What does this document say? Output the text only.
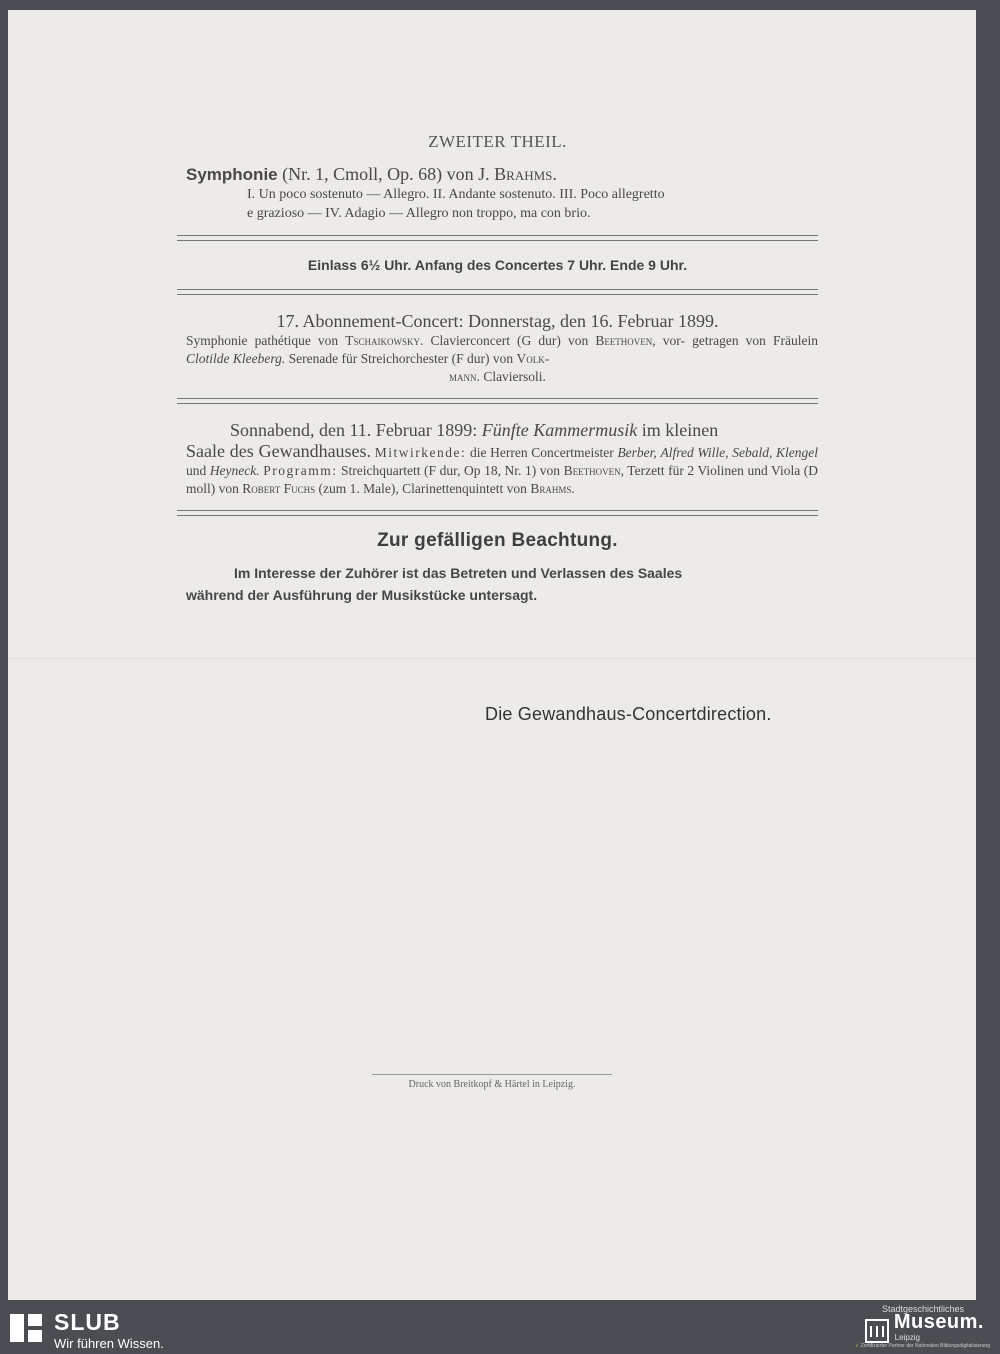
ZWEITER THEIL.
Symphonie (Nr. 1, Cmoll, Op. 68) von J. Brahms.
I. Un poco sostenuto — Allegro. II. Andante sostenuto. III. Poco allegretto
e grazioso — IV. Adagio — Allegro non troppo, ma con brio.
Einlass 6½ Uhr. Anfang des Concertes 7 Uhr. Ende 9 Uhr.
17. Abonnement-Concert: Donnerstag, den 16. Februar 1899.
Symphonie pathétique von Tschaikowsky. Clavierconcert (G dur) von Beethoven, vor- getragen von Fräulein Clotilde Kleeberg. Serenade für Streichorchester (F dur) von Volk-
mann. Claviersoli.
Sonnabend, den 11. Februar 1899: Fünfte Kammermusik im kleinen
Saale des Gewandhauses. Mitwirkende: die Herren Concertmeister Berber, Alfred Wille, Sebald, Klengel und Heyneck. Programm: Streichquartett (F dur, Op 18, Nr. 1) von Beethoven, Terzett für 2 Violinen und Viola (D moll) von Robert Fuchs (zum 1. Male), Clarinettenquintett von Brahms.
Zur gefälligen Beachtung.
Im Interesse der Zuhörer ist das Betreten und Verlassen des Saales
während der Ausführung der Musikstücke untersagt.
Die Gewandhaus-Concertdirection.
Druck von Breitkopf & Härtel in Leipzig.
SLUB
Wir führen Wissen.
Stadtgeschichtliches
Museum.
Leipzig
✓ Zertifizierter Partner der Nationalen Bildungsdigitalisierung
